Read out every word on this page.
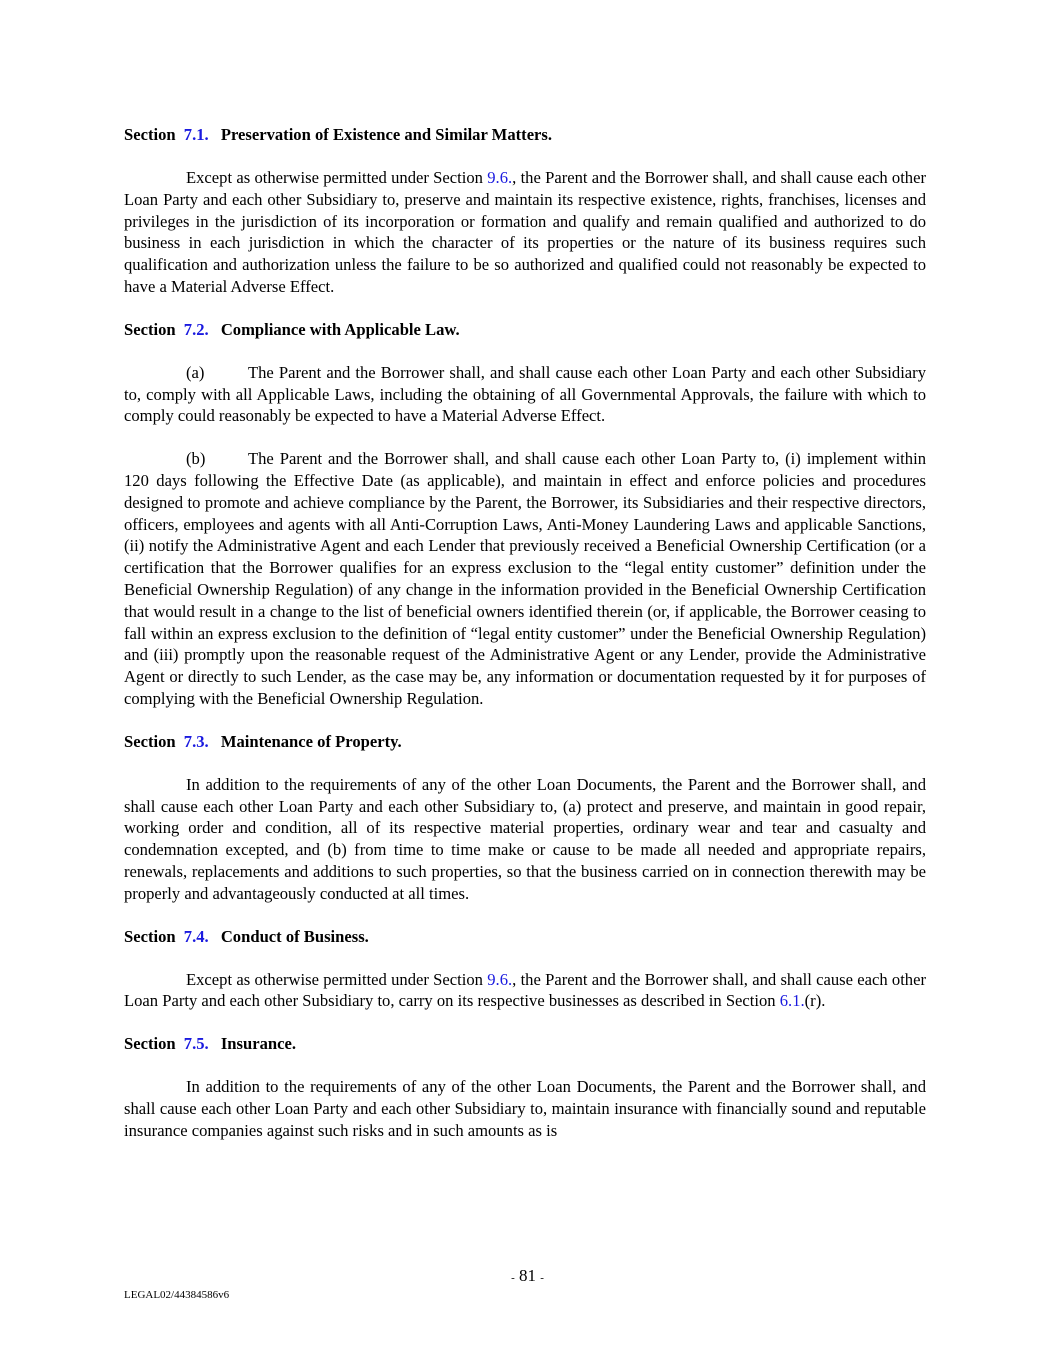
Section 7.1. Preservation of Existence and Similar Matters.

Except as otherwise permitted under Section 9.6., the Parent and the Borrower shall, and shall cause each other Loan Party and each other Subsidiary to, preserve and maintain its respective existence, rights, franchises, licenses and privileges in the jurisdiction of its incorporation or formation and qualify and remain qualified and authorized to do business in each jurisdiction in which the character of its properties or the nature of its business requires such qualification and authorization unless the failure to be so authorized and qualified could not reasonably be expected to have a Material Adverse Effect.

Section 7.2. Compliance with Applicable Law.

(a)	The Parent and the Borrower shall, and shall cause each other Loan Party and each other Subsidiary to, comply with all Applicable Laws, including the obtaining of all Governmental Approvals, the failure with which to comply could reasonably be expected to have a Material Adverse Effect.

(b)	The Parent and the Borrower shall, and shall cause each other Loan Party to, (i) implement within 120 days following the Effective Date (as applicable), and maintain in effect and enforce policies and procedures designed to promote and achieve compliance by the Parent, the Borrower, its Subsidiaries and their respective directors, officers, employees and agents with all Anti-Corruption Laws, Anti-Money Laundering Laws and applicable Sanctions, (ii) notify the Administrative Agent and each Lender that previously received a Beneficial Ownership Certification (or a certification that the Borrower qualifies for an express exclusion to the “legal entity customer” definition under the Beneficial Ownership Regulation) of any change in the information provided in the Beneficial Ownership Certification that would result in a change to the list of beneficial owners identified therein (or, if applicable, the Borrower ceasing to fall within an express exclusion to the definition of “legal entity customer” under the Beneficial Ownership Regulation) and (iii) promptly upon the reasonable request of the Administrative Agent or any Lender, provide the Administrative Agent or directly to such Lender, as the case may be, any information or documentation requested by it for purposes of complying with the Beneficial Ownership Regulation.

Section 7.3. Maintenance of Property.

In addition to the requirements of any of the other Loan Documents, the Parent and the Borrower shall, and shall cause each other Loan Party and each other Subsidiary to, (a) protect and preserve, and maintain in good repair, working order and condition, all of its respective material properties, ordinary wear and tear and casualty and condemnation excepted, and (b) from time to time make or cause to be made all needed and appropriate repairs, renewals, replacements and additions to such properties, so that the business carried on in connection therewith may be properly and advantageously conducted at all times.

Section 7.4. Conduct of Business.

Except as otherwise permitted under Section 9.6., the Parent and the Borrower shall, and shall cause each other Loan Party and each other Subsidiary to, carry on its respective businesses as described in Section 6.1.(r).

Section 7.5. Insurance.

In addition to the requirements of any of the other Loan Documents, the Parent and the Borrower shall, and shall cause each other Loan Party and each other Subsidiary to, maintain insurance with financially sound and reputable insurance companies against such risks and in such amounts as is

- 81 -
LEGAL02/44384586v6
